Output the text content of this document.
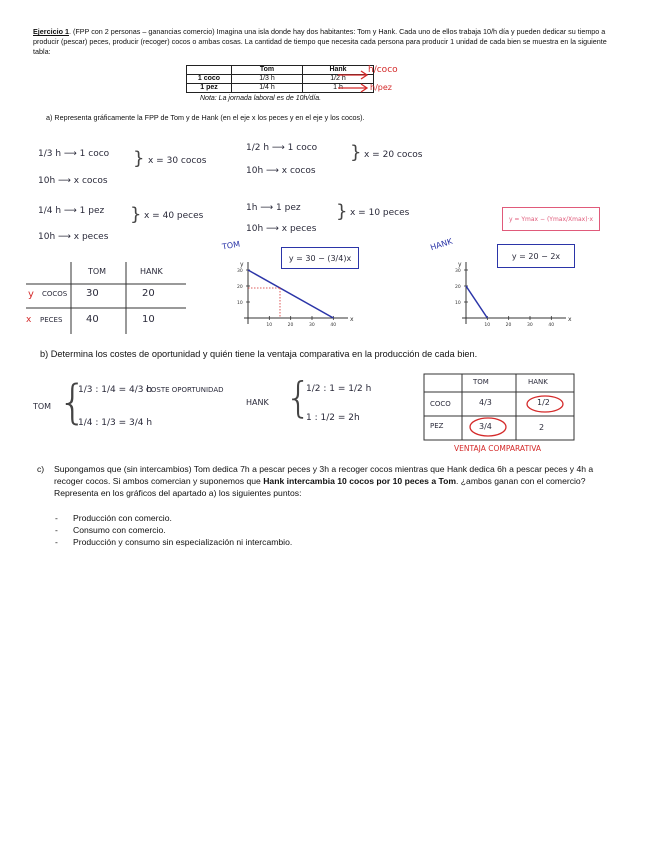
Ejercicio 1. (FPP con 2 personas – ganancias comercio) Imagina una isla donde hay dos habitantes: Tom y Hank. Cada uno de ellos trabaja 10/h día y pueden dedicar su tiempo a producir (pescar) peces, producir (recoger) cocos o ambas cosas. La cantidad de tiempo que necesita cada persona para producir 1 unidad de cada bien se muestra en la siguiente tabla:
	Tom	Hank
1 coco	1/3 h	1/2 h
1 pez	1/4 h	1 h
Nota: La jornada laboral es de 10h/día.
h/coco
h/pez
a) Representa gráficamente la FPP de Tom y de Hank (en el eje x los peces y en el eje y los cocos).
1/3 h ⟶ 1 coco
10h ⟶ x cocos
} x = 30 cocos
1/2 h ⟶ 1 coco
10h ⟶ x cocos
} x = 20 cocos
1/4 h ⟶ 1 pez
10h ⟶ x peces
} x = 40 peces
1h ⟶ 1 pez
10h ⟶ x peces
} x = 10 peces
y = Ymax − (Ymax/Xmax)·x
TOM	HANK
y COCOS 30	20
x PECES 40	10
TOM
y = 30 − (3/4)x
y
x
10	20	30	40
10
20
30
HANK
y = 20 − 2x
y
x
10	20	30	40
10
20
30
b) Determina los costes de oportunidad y quién tiene la ventaja comparativa en la producción de cada bien.
TOM {
1/3 : 1/4 = 4/3 h
COSTE OPORTUNIDAD
1/4 : 1/3 = 3/4 h
HANK {
1/2 : 1 = 1/2 h
1 : 1/2 = 2h
TOM	HANK
COCO	4/3	1/2
PEZ	3/4	2
VENTAJA COMPARATIVA
c) Supongamos que (sin intercambios) Tom dedica 7h a pescar peces y 3h a recoger cocos mientras que Hank dedica 6h a pescar peces y 4h a recoger cocos. Si ambos comercian y suponemos que Hank intercambia 10 cocos por 10 peces a Tom. ¿ambos ganan con el comercio?
Representa en los gráficos del apartado a) los siguientes puntos:
- Producción con comercio.
- Consumo con comercio.
- Producción y consumo sin especialización ni intercambio.
